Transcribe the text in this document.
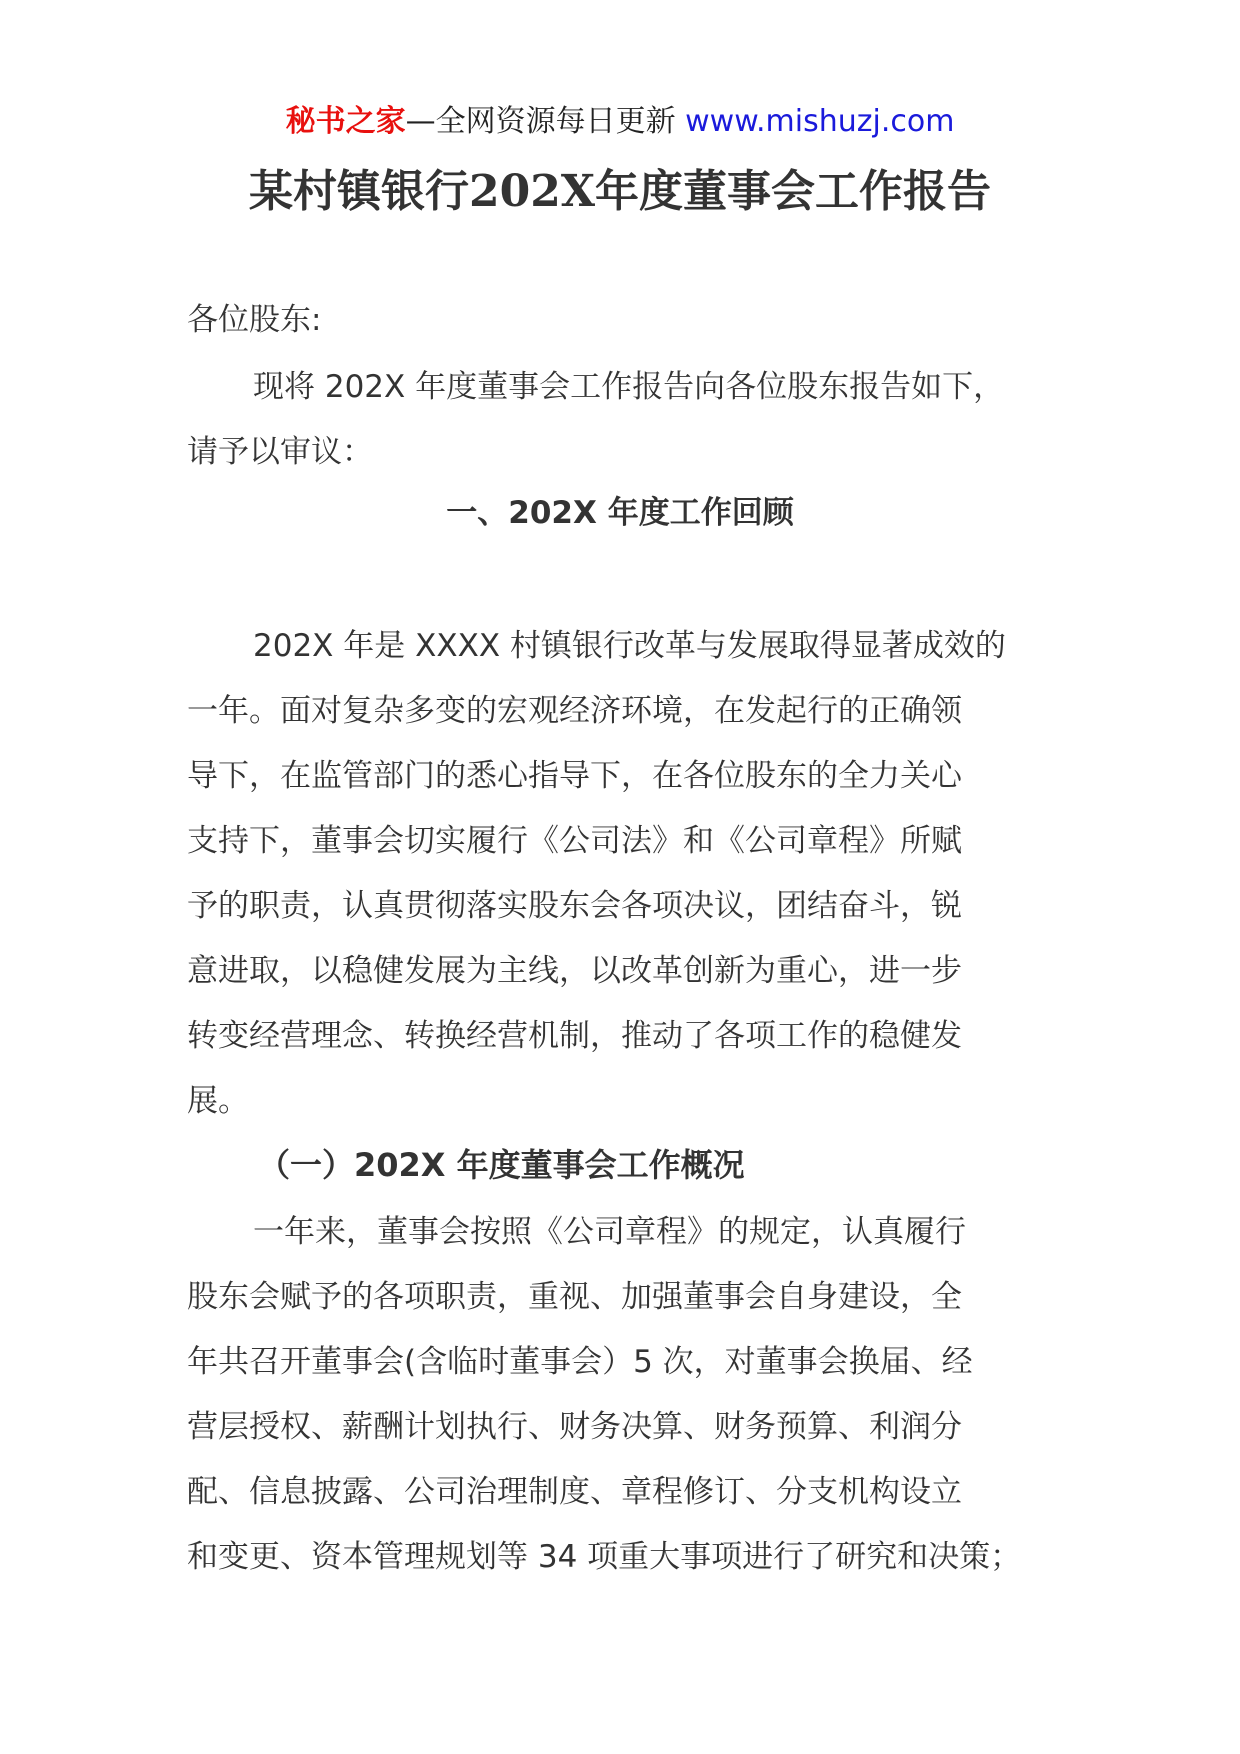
秘书之家—全网资源每日更新 www.mishuzj.com
某村镇银行202X年度董事会工作报告
各位股东:
现将 202X 年度董事会工作报告向各位股东报告如下，
请予以审议：
一、202X 年度工作回顾
202X 年是 XXXX 村镇银行改革与发展取得显著成效的
一年。面对复杂多变的宏观经济环境，在发起行的正确领
导下，在监管部门的悉心指导下，在各位股东的全力关心
支持下，董事会切实履行《公司法》和《公司章程》所赋
予的职责，认真贯彻落实股东会各项决议，团结奋斗，锐
意进取，以稳健发展为主线，以改革创新为重心，进一步
转变经营理念、转换经营机制，推动了各项工作的稳健发
展。
（一）202X 年度董事会工作概况
一年来，董事会按照《公司章程》的规定，认真履行
股东会赋予的各项职责，重视、加强董事会自身建设，全
年共召开董事会(含临时董事会）5 次，对董事会换届、经
营层授权、薪酬计划执行、财务决算、财务预算、利润分
配、信息披露、公司治理制度、章程修订、分支机构设立
和变更、资本管理规划等 34 项重大事项进行了研究和决策；
